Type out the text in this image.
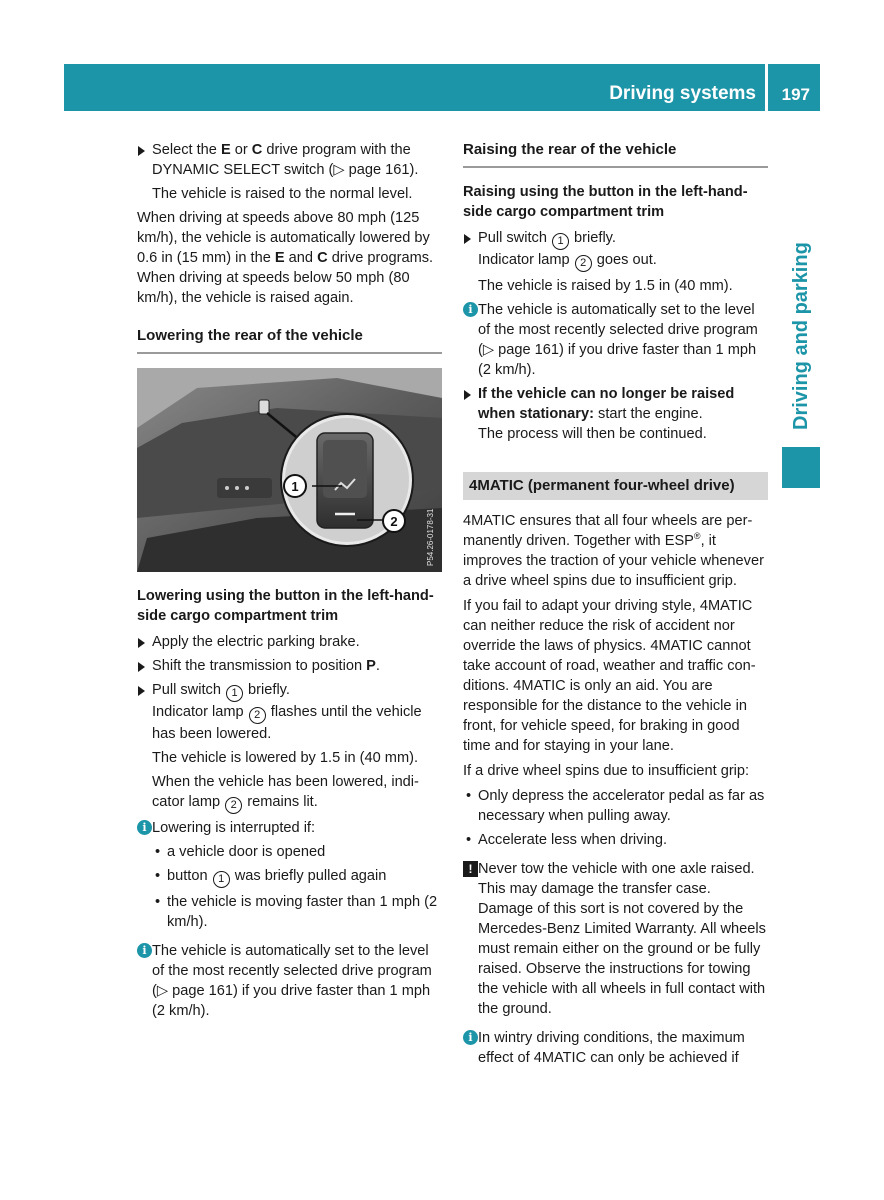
Driving systems 197
Driving and parking
Select the E or C drive program with the DYNAMIC SELECT switch (▷ page 161).
The vehicle is raised to the normal level.

When driving at speeds above 80 mph (125 km/h), the vehicle is automatically lowered by 0.6 in (15 mm) in the E and C drive programs. When driving at speeds below 50 mph (80 km/h), the vehicle is raised again.

Lowering the rear of the vehicle
1
2	P54.26-0178-31
Lowering using the button in the left-hand-side cargo compartment trim
Apply the electric parking brake.
Shift the transmission to position P.
Pull switch 1 briefly.
Indicator lamp 2 flashes until the vehicle has been lowered.
The vehicle is lowered by 1.5 in (40 mm).
When the vehicle has been lowered, indicator lamp 2 remains lit.
i Lowering is interrupted if:
• a vehicle door is opened
• button 1 was briefly pulled again
• the vehicle is moving faster than 1 mph (2 km/h).
i The vehicle is automatically set to the level of the most recently selected drive program (▷ page 161) if you drive faster than 1 mph (2 km/h).
Raising the rear of the vehicle
Raising using the button in the left-hand-side cargo compartment trim
Pull switch 1 briefly.
Indicator lamp 2 goes out.
The vehicle is raised by 1.5 in (40 mm).
i The vehicle is automatically set to the level of the most recently selected drive program (▷ page 161) if you drive faster than 1 mph (2 km/h).
If the vehicle can no longer be raised when stationary: start the engine.
The process will then be continued.
4MATIC (permanent four-wheel drive)

4MATIC ensures that all four wheels are permanently driven. Together with ESP®, it improves the traction of your vehicle whenever a drive wheel spins due to insufficient grip.

If you fail to adapt your driving style, 4MATIC can neither reduce the risk of accident nor override the laws of physics. 4MATIC cannot take account of road, weather and traffic conditions. 4MATIC is only an aid. You are responsible for the distance to the vehicle in front, for vehicle speed, for braking in good time and for staying in your lane.

If a drive wheel spins due to insufficient grip:

• Only depress the accelerator pedal as far as necessary when pulling away.
• Accelerate less when driving.
! Never tow the vehicle with one axle raised. This may damage the transfer case. Damage of this sort is not covered by the Mercedes-Benz Limited Warranty. All wheels must remain either on the ground or be fully raised. Observe the instructions for towing the vehicle with all wheels in full contact with the ground.
i In wintry driving conditions, the maximum effect of 4MATIC can only be achieved if
